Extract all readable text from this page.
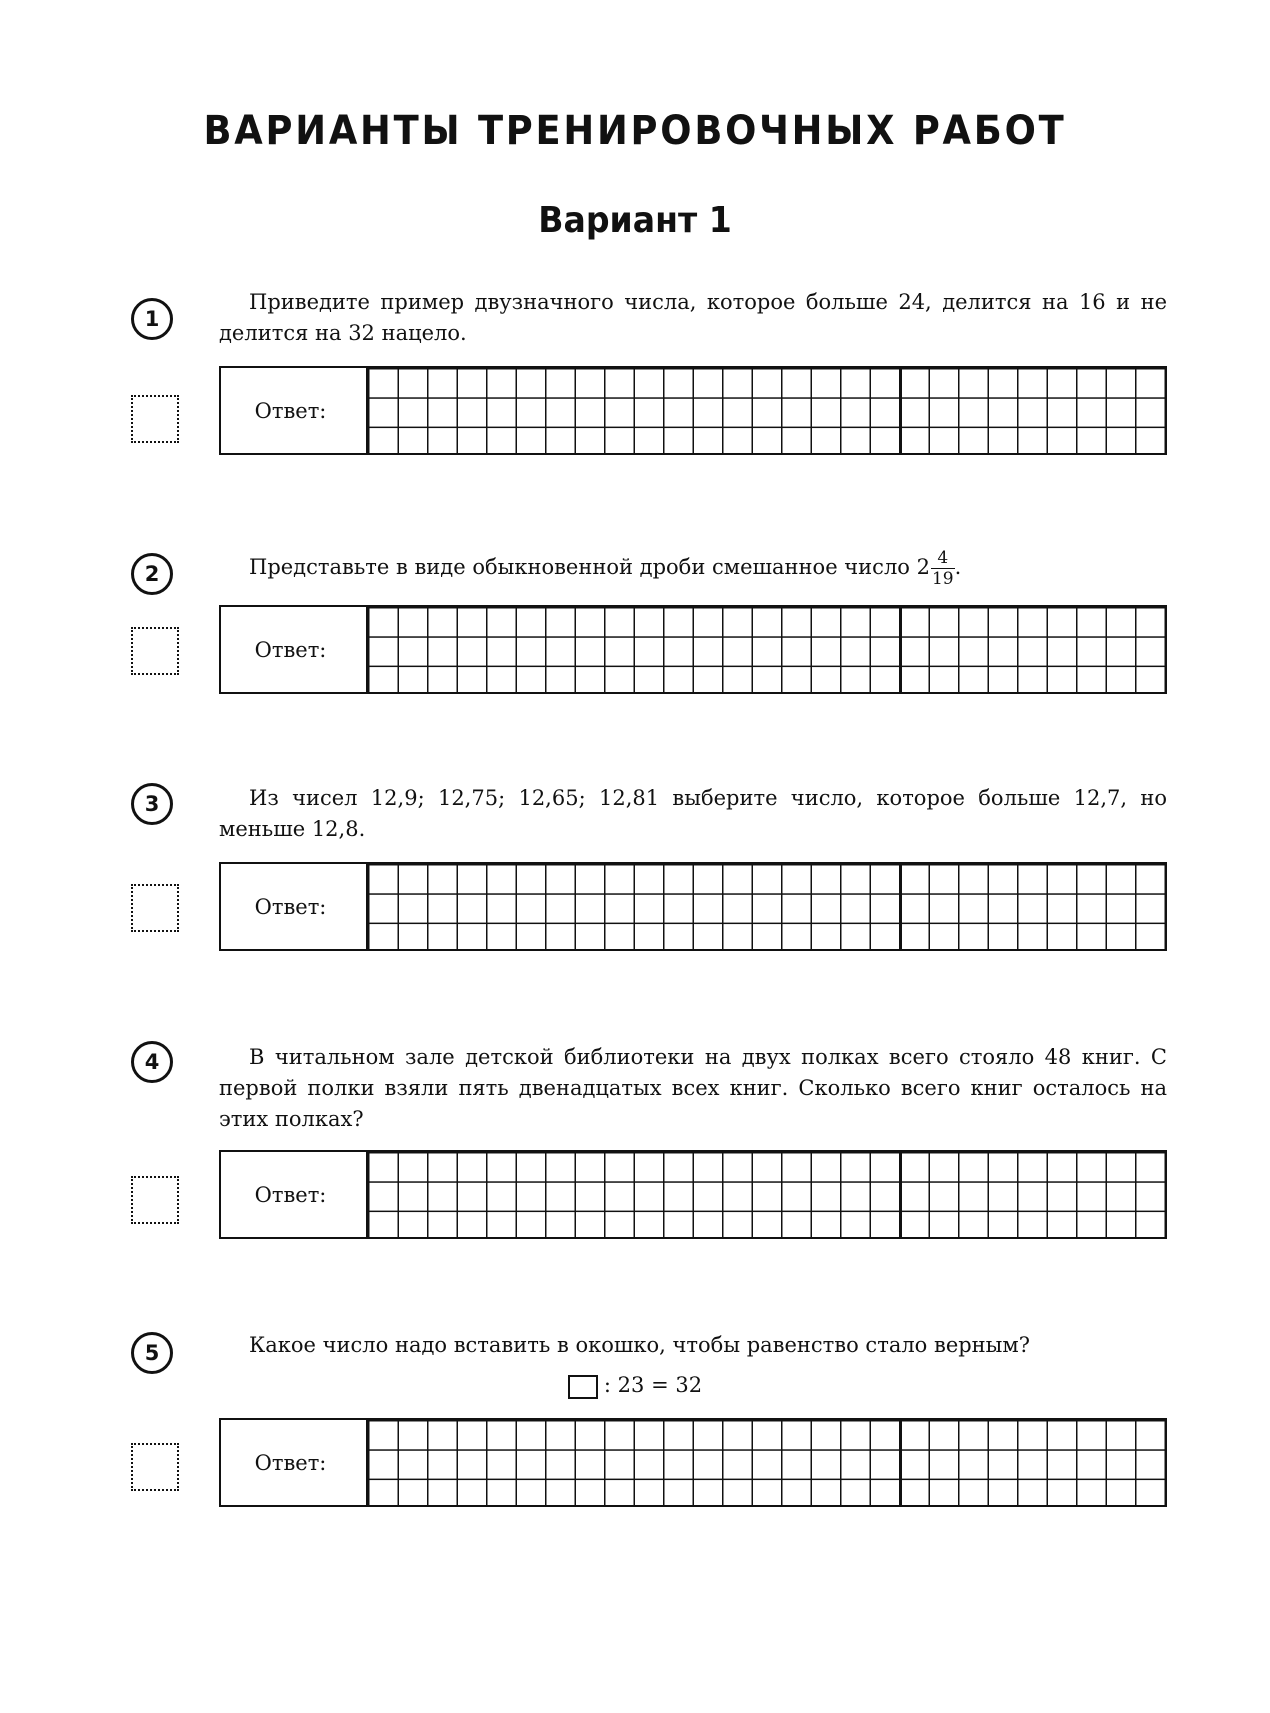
ВАРИАНТЫ ТРЕНИРОВОЧНЫХ РАБОТ
Вариант 1
1

Приведите пример двузначного числа, которое больше 24, делится на 16 и не делится на 32 нацело.

Ответ:
2	Представьте в виде обыкновенной дроби смешанное число $2 \frac{4}{19}$ .

Ответ:
3	Из чисел 12,9; 12,75; 12,65; 12,81 выберите число, которое больше 12,7, но меньше 12,8.

Ответ:
4	В читальном зале детской библиотеки на двух полках всего стояло 48 книг. С первой полки взяли пять двенадцатых всех книг. Сколько всего книг осталось на этих полках?

Ответ:
5	Какое число надо вставить в окошко, чтобы равенство стало верным?

: 23 = 32

Ответ:
